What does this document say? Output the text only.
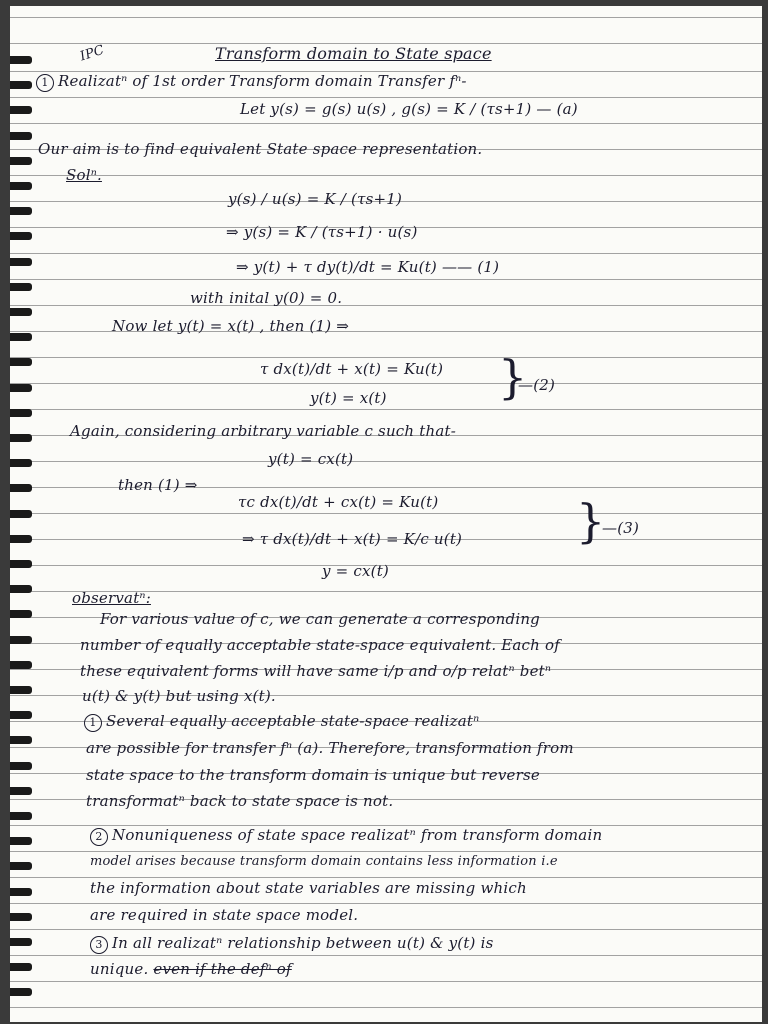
IPC	Transform domain to State space
1 Realizatⁿ of 1st order Transform domain Transfer fⁿ-
Let y(s) = g(s) u(s) , g(s) = K / (τs+1) — (a)
Our aim is to find equivalent State space representation.
Solⁿ.
y(s) / u(s) = K / (τs+1)
⇒ y(s) = K / (τs+1) · u(s)
⇒ y(t) + τ dy(t)/dt = Ku(t) —— (1)
with inital y(0) = 0.
Now let y(t) = x(t) , then (1) ⇒
τ dx(t)/dt + x(t) = Ku(t)
y(t) = x(t) }
—(2)
Again, considering arbitrary variable c such that-
y(t) = cx(t)
then (1) ⇒
τc dx(t)/dt + cx(t) = Ku(t)
⇒ τ dx(t)/dt + x(t) = K/c u(t)
y = cx(t)
}
—(3)
observatⁿ:
For various value of c, we can generate a corresponding
number of equally acceptable state-space equivalent. Each of
these equivalent forms will have same i/p and o/p relatⁿ betⁿ
u(t) & y(t) but using x(t).
1 Several equally acceptable state-space realizatⁿ
are possible for transfer fⁿ (a). Therefore, transformation from
state space to the transform domain is unique but reverse
transformatⁿ back to state space is not.
2 Nonuniqueness of state space realizatⁿ from transform domain
model arises because transform domain contains less information i.e
the information about state variables are missing which
are required in state space model.
3 In all realizatⁿ relationship between u(t) & y(t) is
unique. even if the defⁿ of
